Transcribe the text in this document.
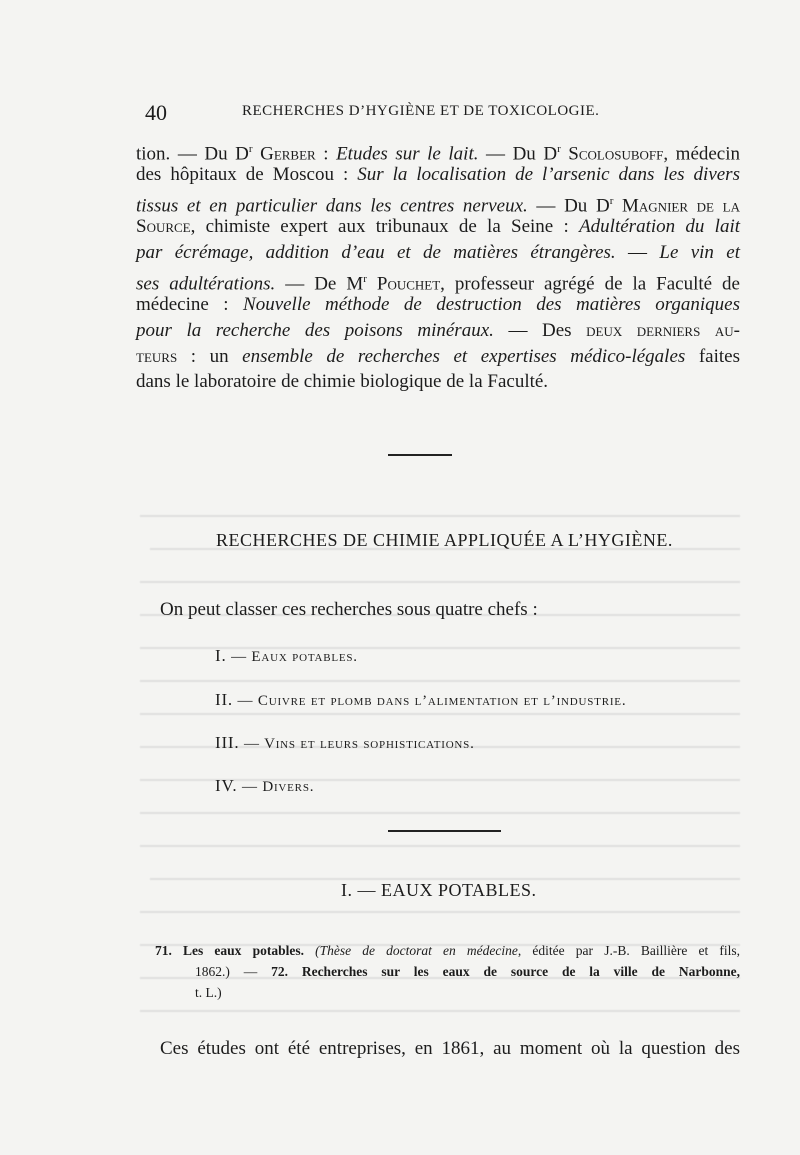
40	RECHERCHES D’HYGIÈNE ET DE TOXICOLOGIE.
tion. — Du $D^r$ Gerber : Etudes sur le lait. — Du $D^r$ Scolosuboff, médecin
des hôpitaux de Moscou : Sur la localisation de l’arsenic dans les divers
tissus et en particulier dans les centres nerveux. — Du $D^r$ Magnier de la
Source, chimiste expert aux tribunaux de la Seine : Adultération du lait
par écrémage, addition d’eau et de matières étrangères. — Le vin et
ses adultérations. — De $M^r$ Pouchet, professeur agrégé de la Faculté de
médecine : Nouvelle méthode de destruction des matières organiques
pour la recherche des poisons minéraux. — Des deux derniers au-
teurs : un ensemble de recherches et expertises médico-légales faites
dans le laboratoire de chimie biologique de la Faculté.
RECHERCHES DE CHIMIE APPLIQUÉE A L’HYGIÈNE.
On peut classer ces recherches sous quatre chefs :
I. — Eaux potables.
II. — Cuivre et plomb dans l’alimentation et l’industrie.
III. — Vins et leurs sophistications.
IV. — Divers.
I. — EAUX POTABLES.
71. Les eaux potables. (Thèse de doctorat en médecine, éditée par J.-B. Baillière et fils,
1862.) — 72. Recherches sur les eaux de source de la ville de Narbonne,
t. L.)
Ces études ont été entreprises, en 1861, au moment où la question des
